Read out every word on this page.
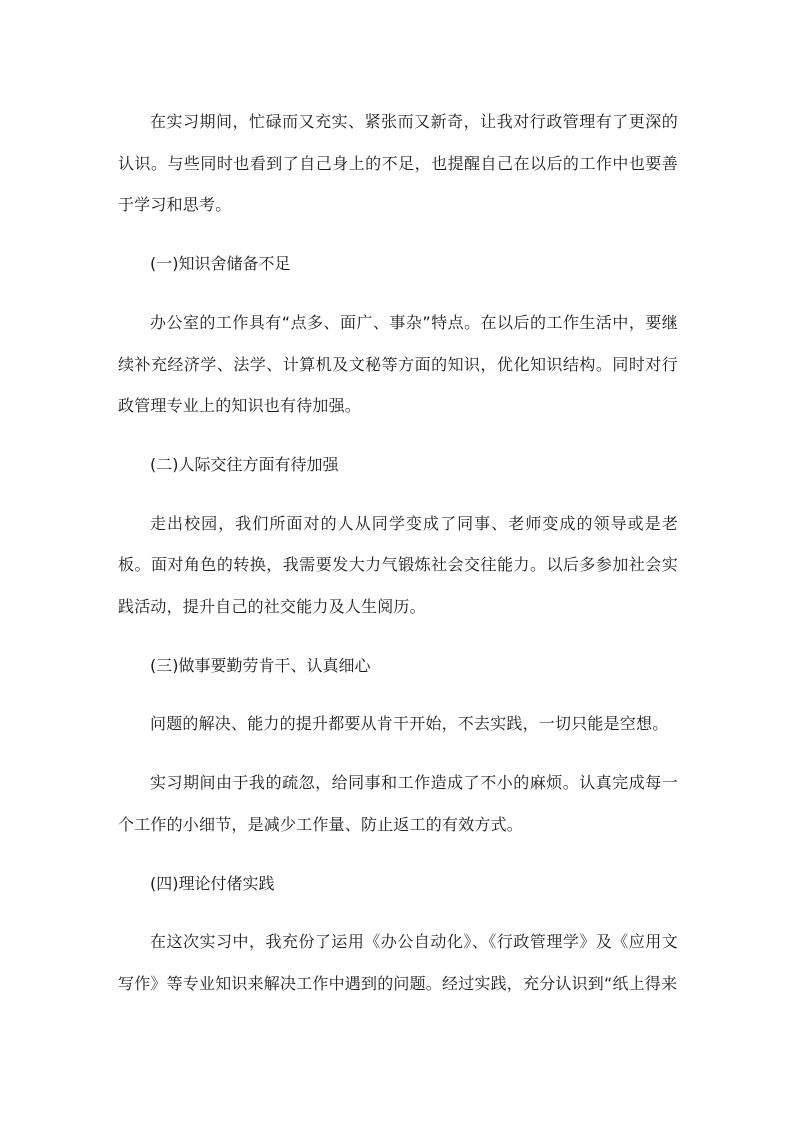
在实习期间，忙碌而又充实、紧张而又新奇，让我对行政管理有了更深的认识。与些同时也看到了自己身上的不足，也提醒自己在以后的工作中也要善于学习和思考。

(一)知识舍储备不足

办公室的工作具有“点多、面广、事杂”特点。在以后的工作生活中，要继续补充经济学、法学、计算机及文秘等方面的知识，优化知识结构。同时对行政管理专业上的知识也有待加强。

(二)人际交往方面有待加强

走出校园，我们所面对的人从同学变成了同事、老师变成的领导或是老板。面对角色的转换，我需要发大力气锻炼社会交往能力。以后多参加社会实践活动，提升自己的社交能力及人生阅历。

(三)做事要勤劳肯干、认真细心

问题的解决、能力的提升都要从肯干开始，不去实践，一切只能是空想。

实习期间由于我的疏忽，给同事和工作造成了不小的麻烦。认真完成每一个工作的小细节，是减少工作量、防止返工的有效方式。

(四)理论付偖实践

在这次实习中，我充份了运用《办公自动化》、《行政管理学》及《应用文写作》等专业知识来解决工作中遇到的问题。经过实践，充分认识到“纸上得来
